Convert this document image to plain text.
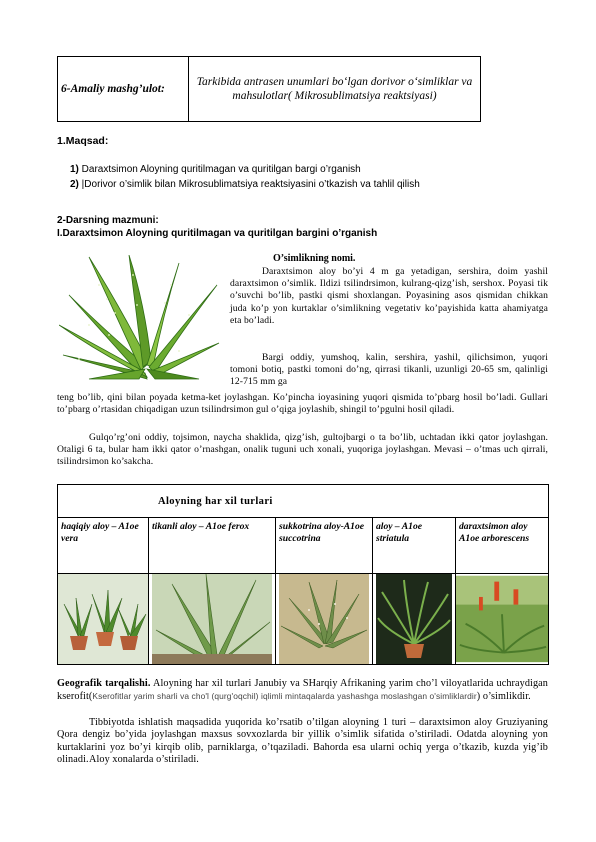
6-Amaliy mashg’ulot:	Tarkibida antrasen unumlari bo‘lgan dorivor o‘simliklar va mahsulotlar( Mikrosublimatsiya reaktsiyasi)
1.Maqsad:
1) Daraxtsimon Aloyning quritilmagan va quritilgan bargi o’rganish
2) |Dorivor o’simlik bilan Mikrosublimatsiya reaktsiyasini o’tkazish va tahlil qilish
2-Darsning mazmuni:
I.Daraxtsimon Aloyning quritilmagan va quritilgan bargini o’rganish
O’simlikning nomi.
Daraxtsimon aloy bo’yi 4 m ga yetadigan, sershira, doim yashil daraxtsimon o’simlik. Ildizi tsilindrsimon, kulrang-qizg’ish, sershox. Poyasi tik o’suvchi bo’lib, pastki qismi shoxlangan. Poyasining asos qismidan chikkan juda ko’p yon kurtaklar o’simlikning vegetativ ko’payishida katta ahamiyatga eta bo’ladi.
Bargi oddiy, yumshoq, kalin, sershira, yashil, qilichsimon, yuqori tomoni botiq, pastki tomoni do’ng, qirrasi tikanli, uzunligi 20-65 sm, qalinligi 12-715 mm ga
teng bo’lib, qini bilan poyada ketma-ket joylashgan. Ko’pincha ioyasining yuqori qismida to’pbarg hosil bo’ladi. Gullari to’pbarg o’rtasidan chiqadigan uzun tsilindrsimon gul o’qiga joylashib, shingil to’pgulni hosil qiladi.
Gulqo’rg’oni oddiy, tojsimon, naycha shaklida, qizg’ish, gultojbargi o ta bo’lib, uchtadan ikki qator joylashgan. Otaligi 6 ta, bular ham ikki qator o’rnashgan, onalik tuguni uch xonali, yuqoriga joylashgan. Mevasi – o’tmas uch qirrali, tsilindrsimon ko’sakcha.
Aloyning har xil turlari				
haqiqiy aloy – A1oe vera	tikanli aloy – A1oe ferox	sukkotrina aloy-A1oe succotrina	aloy – A1oe striatula	daraxtsimon aloy A1oe arborescens

Geografik tarqalishi. Aloyning har xil turlari Janubiy va SHarqiy Afrikaning yarim cho’l viloyatlarida uchraydigan kserofit(Kserofitlar yarim sharli va cho'l (qurg'oqchil) iqlimli mintaqalarda yashashga moslashgan o'simliklardir) o’simlikdir.
Tibbiyotda ishlatish maqsadida yuqorida ko’rsatib o’tilgan aloyning 1 turi – daraxtsimon aloy Gruziyaning Qora dengiz bo’yida joylashgan maxsus sovxozlarda bir yillik o’simlik sifatida o’stiriladi. Odatda aloyning yon kurtaklarini yoz bo’yi kirqib olib, parniklarga, o’tqaziladi. Bahorda esa ularni ochiq yerga o’tkazib, kuzda yig’ib olinadi. Aloy xonalarda o’stiriladi.
